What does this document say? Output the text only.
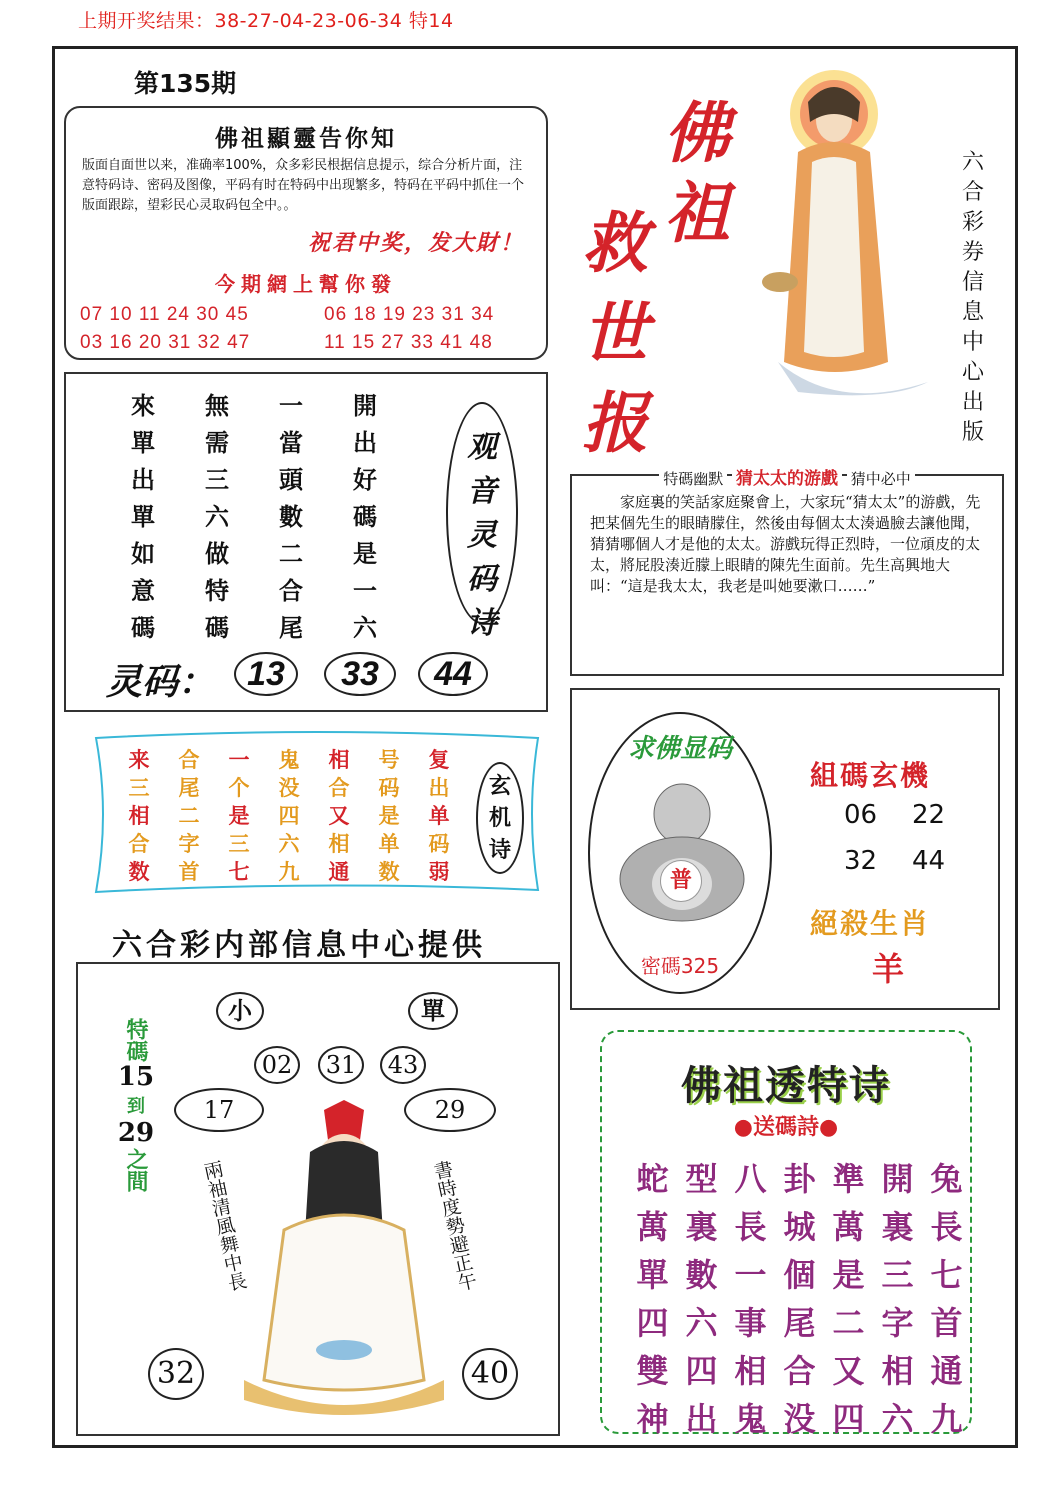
上期开奖结果：38-27-04-23-06-34 特14
第135期
佛祖顯靈告你知
版面自面世以来，准确率100%，众多彩民根据信息提示，综合分析片面，注意特码诗、密码及图像，平码有时在特码中出现繁多，特码在平码中抓住一个版面跟踪，望彩民心灵取码包全中。。
祝君中奖，发大財！
今期網上幫你發
07 10 11 24 30 45	06 18 19 23 31 34
03 16 20 31 32 47	11 15 27 33 41 48
佛
祖
救
世
报
六合彩券信息中心出版
來	無	一	開
單	需	當	出
出	三	頭	好
單	六	數	碼
如	做	二	是
意	特	合	一
碼	碼	尾	六
观
音
灵
码
诗
灵码： 13	33	44
来	合	一	鬼	相	号	复
三	尾	个	没	合	码	出
相	二	是	四	又	是	单
合	字	三	六	相	单	码
数	首	七	九	通	数	弱
玄
机
诗
六合彩内部信息中心提供
小	單
02	31	43
17	29
32	40
特碼
15
到
29
之間	兩袖清風舞中長	書時度勢避正午
特碼幽默 猜太太的游戲 猜中必中
家庭裏的笑話家庭聚會上，大家玩“猜太太”的游戲，先把某個先生的眼睛朦住，然後由每個太太湊過臉去讓他聞，猜猜哪個人才是他的太太。游戲玩得正烈時，一位頑皮的太太，將屁股湊近朦上眼睛的陳先生面前。先生高興地大叫：“這是我太太，我老是叫她要漱口……”
求佛显码
普
密碼325
組碼玄機
06 22
32 44
絕殺生肖
羊
佛祖透特诗
●送碼詩●
蛇 型 八 卦 準 開 兔
萬 裏 長 城 萬 裏 長
單 數 一 個 是 三 七
四 六 事 尾 二 字 首
雙 四 相 合 又 相 通
神 出 鬼 没 四 六 九
